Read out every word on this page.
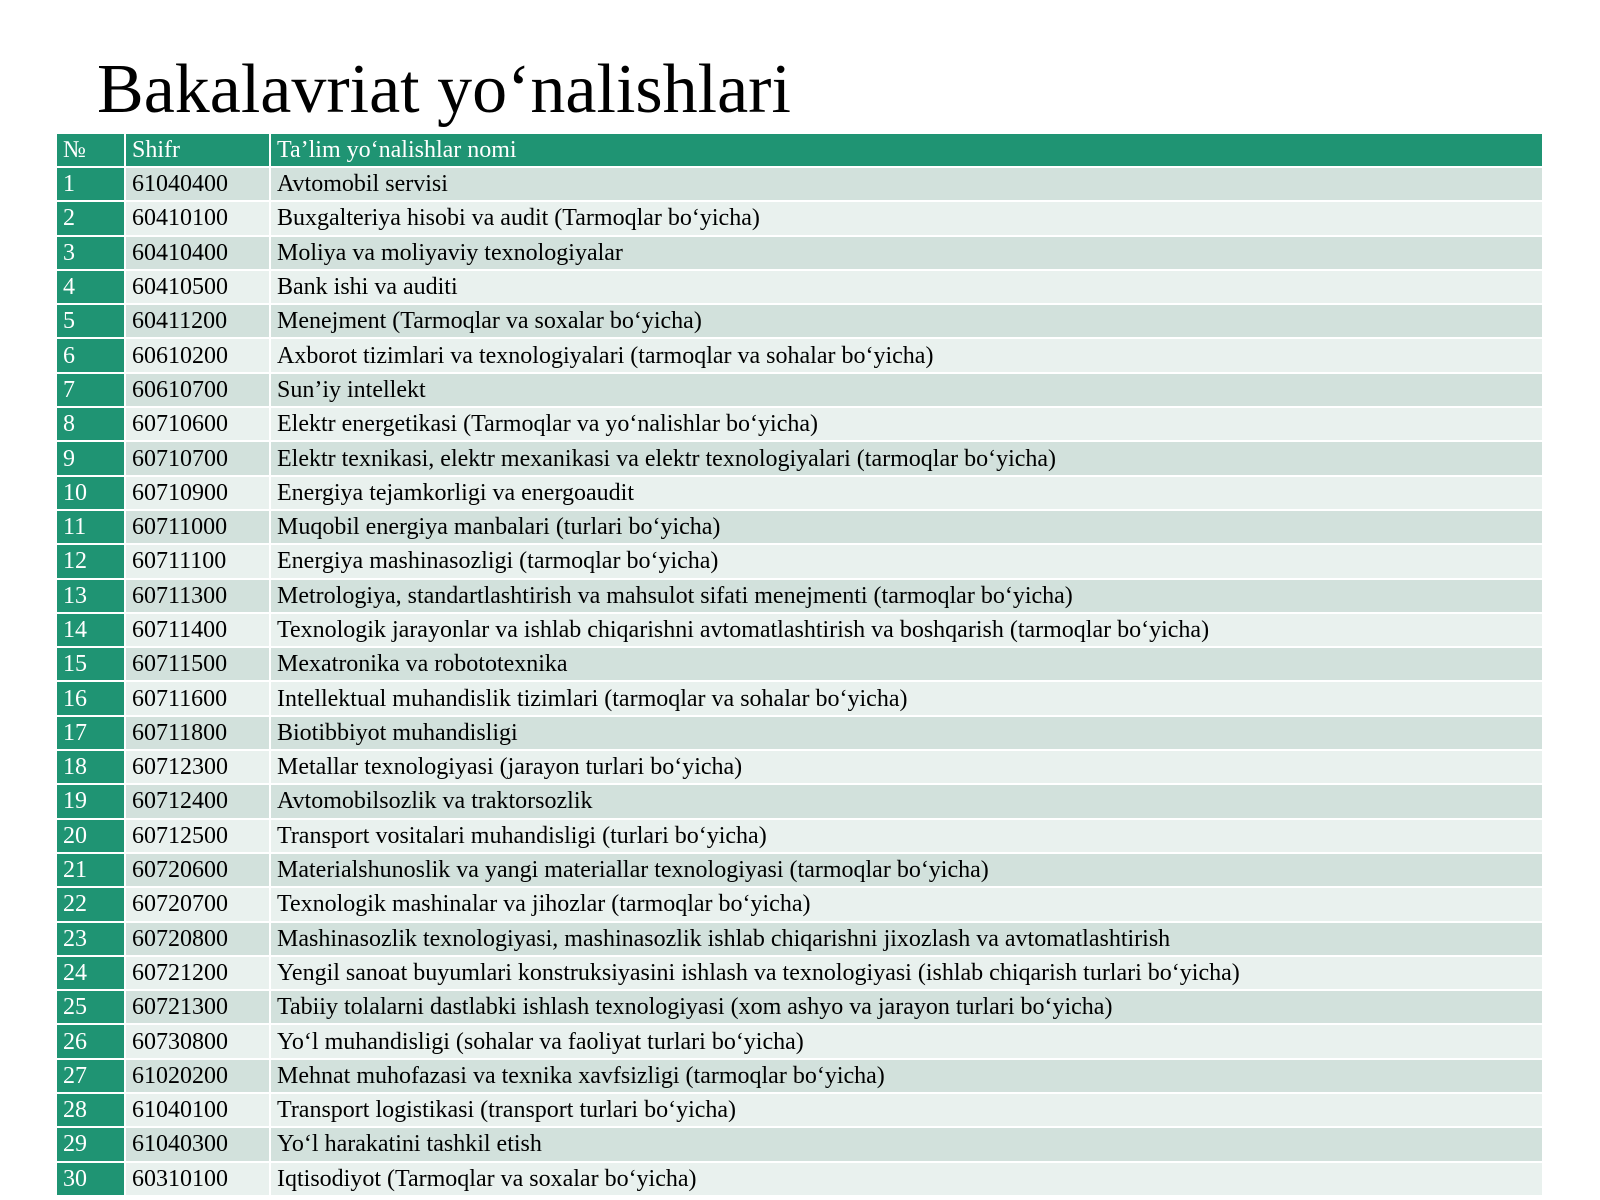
Bakalavriat yo‘nalishlari
№	Shifr	Ta’lim yo‘nalishlar nomi
1	61040400	Avtomobil servisi
2	60410100	Buxgalteriya hisobi va audit (Tarmoqlar bo‘yicha)
3	60410400	Moliya va moliyaviy texnologiyalar
4	60410500	Bank ishi va auditi
5	60411200	Menejment (Tarmoqlar va soxalar bo‘yicha)
6	60610200	Axborot tizimlari va texnologiyalari (tarmoqlar va sohalar bo‘yicha)
7	60610700	Sun’iy intellekt
8	60710600	Elektr energetikasi (Tarmoqlar va yo‘nalishlar bo‘yicha)
9	60710700	Elektr texnikasi, elektr mexanikasi va elektr texnologiyalari (tarmoqlar bo‘yicha)
10	60710900	Energiya tejamkorligi va energoaudit
11	60711000	Muqobil energiya manbalari (turlari bo‘yicha)
12	60711100	Energiya mashinasozligi (tarmoqlar bo‘yicha)
13	60711300	Metrologiya, standartlashtirish va mahsulot sifati menejmenti (tarmoqlar bo‘yicha)
14	60711400	Texnologik jarayonlar va ishlab chiqarishni avtomatlashtirish va boshqarish (tarmoqlar bo‘yicha)
15	60711500	Mexatronika va robototexnika
16	60711600	Intellektual muhandislik tizimlari (tarmoqlar va sohalar bo‘yicha)
17	60711800	Biotibbiyot muhandisligi
18	60712300	Metallar texnologiyasi (jarayon turlari bo‘yicha)
19	60712400	Avtomobilsozlik va traktorsozlik
20	60712500	Transport vositalari muhandisligi (turlari bo‘yicha)
21	60720600	Materialshunoslik va yangi materiallar texnologiyasi (tarmoqlar bo‘yicha)
22	60720700	Texnologik mashinalar va jihozlar (tarmoqlar bo‘yicha)
23	60720800	Mashinasozlik texnologiyasi, mashinasozlik ishlab chiqarishni jixozlash va avtomatlashtirish
24	60721200	Yengil sanoat buyumlari konstruksiyasini ishlash va texnologiyasi (ishlab chiqarish turlari bo‘yicha)
25	60721300	Tabiiy tolalarni dastlabki ishlash texnologiyasi (xom ashyo va jarayon turlari bo‘yicha)
26	60730800	Yo‘l muhandisligi (sohalar va faoliyat turlari bo‘yicha)
27	61020200	Mehnat muhofazasi va texnika xavfsizligi (tarmoqlar bo‘yicha)
28	61040100	Transport logistikasi (transport turlari bo‘yicha)
29	61040300	Yo‘l harakatini tashkil etish
30	60310100	Iqtisodiyot (Tarmoqlar va soxalar bo‘yicha)
